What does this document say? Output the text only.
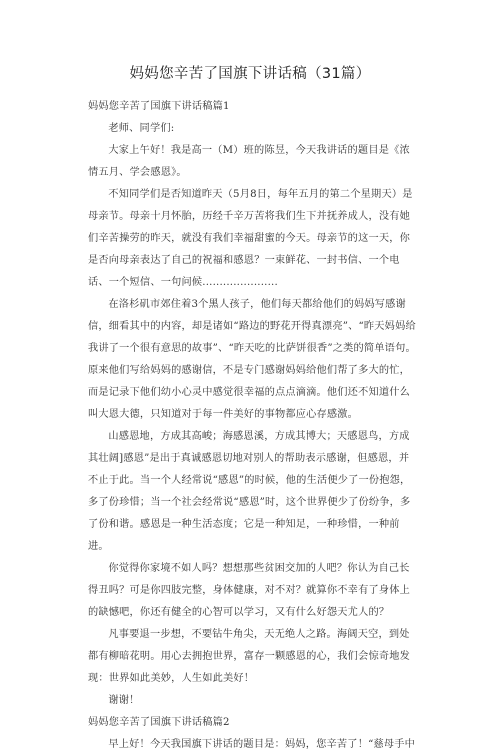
妈妈您辛苦了国旗下讲话稿（31篇）

妈妈您辛苦了国旗下讲话稿篇1

老师、同学们:

大家上午好！我是高一（M）班的陈昱，今天我讲话的题目是《浓情五月、学会感恩》。

不知同学们是否知道昨天（5月8日，每年五月的第二个星期天）是母亲节。母亲十月怀胎，历经千辛万苦将我们生下并抚养成人，没有她们辛苦操劳的昨天，就没有我们幸福甜蜜的今天。母亲节的这一天，你是否向母亲表达了自己的祝福和感恩？一束鲜花、一封书信、一个电话、一个短信、一句问候......................

在洛杉矶市郊住着3个黑人孩子，他们每天都给他们的妈妈写感谢信，细看其中的内容，却是诸如“路边的野花开得真漂亮”、“昨天妈妈给我讲了一个很有意思的故事”、“昨天吃的比萨饼很香”之类的简单语句。原来他们写给妈妈的感谢信，不是专门感谢妈妈给他们帮了多大的忙，而是记录下他们幼小心灵中感觉很幸福的点点滴滴。他们还不知道什么叫大恩大德，只知道对于每一件美好的事物都应心存感激。

山感恩地，方成其高峻；海感恩溪，方成其博大；天感恩鸟，方成其壮阔]感恩”是出于真诚感恩切地对别人的帮助表示感谢，但感恩，并不止于此。当一个人经常说“感恩”的时候，他的生活便少了一份抱怨，多了份珍惜；当一个社会经常说“感恩”时，这个世界便少了份纷争，多了份和谐。感恩是一种生活态度；它是一种知足，一种珍惜，一种前进。

你觉得你家境不如人吗？想想那些贫困交加的人吧？你认为自己长得丑吗？可是你四肢完整，身体健康，对不对？就算你不幸有了身体上的缺憾吧，你还有健全的心智可以学习，又有什么好怨天尤人的？

凡事要退一步想，不要钻牛角尖，天无绝人之路。海阔天空，到处都有柳暗花明。用心去拥抱世界，富存一颗感恩的心，我们会惊奇地发现：世界如此美妙，人生如此美好！

谢谢！

妈妈您辛苦了国旗下讲话稿篇2

早上好！今天我国旗下讲话的题目是：妈妈，您辛苦了！“慈母手中
